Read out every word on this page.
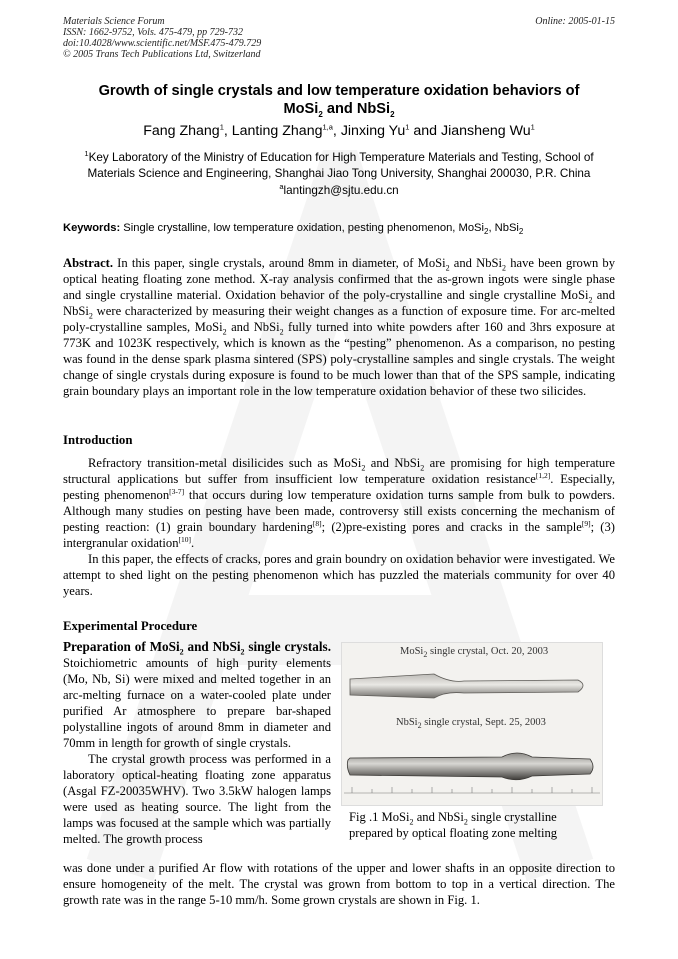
Materials Science Forum
ISSN: 1662-9752, Vols. 475-479, pp 729-732
doi:10.4028/www.scientific.net/MSF.475-479.729
© 2005 Trans Tech Publications Ltd, Switzerland
Online: 2005-01-15
Growth of single crystals and low temperature oxidation behaviors of
MoSi$_2$ and NbSi$_2$
Fang Zhang$^1$, Lanting Zhang$^{1,a}$, Jinxing Yu$^1$ and Jiansheng Wu$^1$
$^1$Key Laboratory of the Ministry of Education for High Temperature Materials and Testing, School of Materials Science and Engineering, Shanghai Jiao Tong University, Shanghai 200030, P.R. China
$^a$lantingzh@sjtu.edu.cn
Keywords: Single crystalline, low temperature oxidation, pesting phenomenon, MoSi$_2$, NbSi$_2$
Abstract. In this paper, single crystals, around 8mm in diameter, of MoSi$_2$ and NbSi$_2$ have been grown by optical heating floating zone method. X-ray analysis confirmed that the as-grown ingots were single phase and single crystalline material. Oxidation behavior of the poly-crystalline and single crystalline MoSi$_2$ and NbSi$_2$ were characterized by measuring their weight changes as a function of exposure time. For arc-melted poly-crystalline samples, MoSi$_2$ and NbSi$_2$ fully turned into white powders after 160 and 3hrs exposure at 773K and 1023K respectively, which is known as the “pesting” phenomenon. As a comparison, no pesting was found in the dense spark plasma sintered (SPS) poly-crystalline samples and single crystals. The weight change of single crystals during exposure is found to be much lower than that of the SPS sample, indicating grain boundary plays an important role in the low temperature oxidation behavior of these two silicides.
Introduction
Refractory transition-metal disilicides such as MoSi$_2$ and NbSi$_2$ are promising for high temperature structural applications but suffer from insufficient low temperature oxidation resistance[1,2]. Especially, pesting phenomenon[3-7] that occurs during low temperature oxidation turns sample from bulk to powders. Although many studies on pesting have been made, controversy still exists concerning the mechanism of pesting reaction: (1) grain boundary hardening[8]; (2)pre-existing pores and cracks in the sample[9]; (3) intergranular oxidation[10].
In this paper, the effects of cracks, pores and grain boundry on oxidation behavior were investigated. We attempt to shed light on the pesting phenomenon which has puzzled the materials community for over 40 years.
Experimental Procedure
Preparation of MoSi$_2$ and NbSi$_2$ single crystals. Stoichiometric amounts of high purity elements (Mo, Nb, Si) were mixed and melted together in an arc-melting furnace on a water-cooled plate under purified Ar atmosphere to prepare bar-shaped polystalline ingots of around 8mm in diameter and 70mm in length for growth of single crystals.
The crystal growth process was performed in a laboratory optical-heating floating zone apparatus (Asgal FZ-20035WHV). Two 3.5kW halogen lamps were used as heating source. The light from the lamps was focused at the sample which was partially melted. The growth process
MoSi$_2$ single crystal, Oct. 20, 2003
NbSi$_2$ single crystal, Sept. 25, 2003
Fig .1 MoSi$_2$ and NbSi$_2$ single crystalline prepared by optical floating zone melting
was done under a purified Ar flow with rotations of the upper and lower shafts in an opposite direction to ensure homogeneity of the melt. The crystal was grown from bottom to top in a vertical direction. The growth rate was in the range 5-10 mm/h. Some grown crystals are shown in Fig. 1.
